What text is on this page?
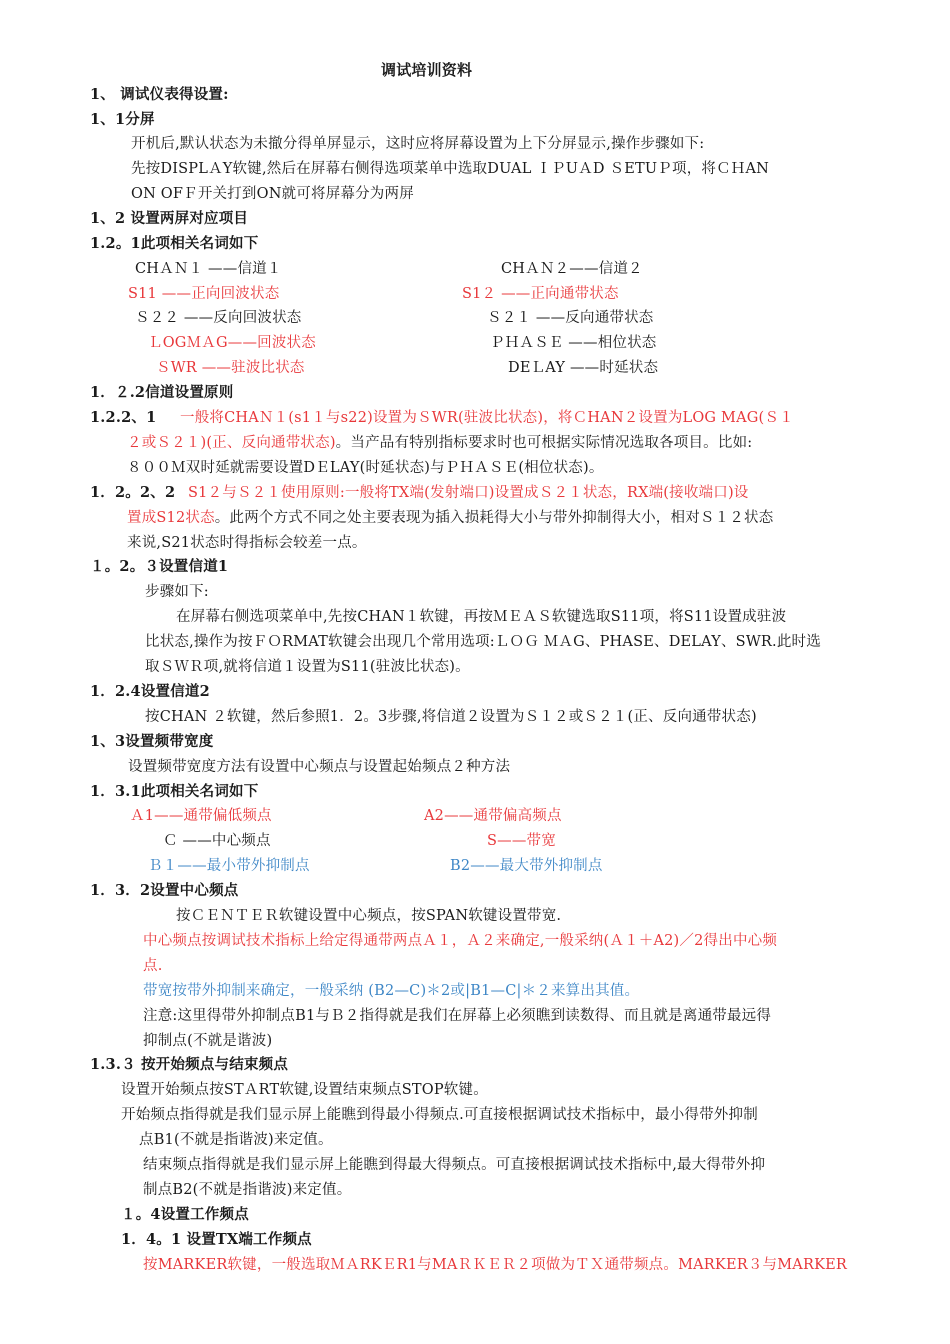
调试培训资料
1、 调试仪表得设置:
1、1分屏
开机后,默认状态为未撤分得单屏显示，这时应将屏幕设置为上下分屏显示,操作步骤如下:
先按DISPLＡY软键,然后在屏幕右侧得选项菜单中选取DUAL ＩＰUＡD ＳETUＰ项，将ＣＨAN
ON OFＦ开关打到ON就可将屏幕分为两屏
1、2 设置两屏对应项目
1.2。1此项相关名词如下
CHＡＮ１ ——信道１	CHＡＮ２——信道２
S11 ——正向回波状态	S1２ ——正向通带状态
Ｓ２２ ——反向回波状态	Ｓ２１ ——反向通带状态
ＬOGＭＡG——回波状态	ＰＨＡＳＥ ——相位状态
ＳWR ——驻波比状态	DEＬAY ——时延状态
1．２.2信道设置原则
1.2.2、1 一般将CHAＮ１(s1１与s22)设置为ＳWR(驻波比状态)，将ＣHAN２设置为LOG MAG(Ｓ１
２或Ｓ２１)(正、反向通带状态)。当产品有特别指标要求时也可根据实际情况选取各项目。比如:
８００Ｍ双时延就需要设置DＥLAY(时延状态)与ＰＨＡＳＥ(相位状态)。
1．2。2、2 S1２与Ｓ２１使用原则:一般将TX端(发射端口)设置成Ｓ２１状态，RX端(接收端口)设
置成S12状态。此两个方式不同之处主要表现为插入损耗得大小与带外抑制得大小，相对Ｓ１２状态
来说,S21状态时得指标会较差一点。
１。2。３设置信道1
步骤如下:
在屏幕右侧选项菜单中,先按CHAN１软键，再按ＭＥＡＳ软键选取S11项，将S11设置成驻波
比状态,操作为按ＦＯRMAT软键会出现几个常用选项:ＬＯＧ ＭＡG、PHASE、DELAY、SWR.此时选
取ＳＷＲ项,就将信道１设置为S11(驻波比状态)。
1．2.4设置信道2
按CHAN ２软键，然后参照1．2。3步骤,将信道２设置为Ｓ１２或Ｓ２１(正、反向通带状态)
1、3设置频带宽度
设置频带宽度方法有设置中心频点与设置起始频点２种方法
1．3.1此项相关名词如下
Ａ1——通带偏低频点	A2——通带偏高频点
Ｃ ——中心频点	S——带宽
Ｂ１——最小带外抑制点	B2——最大带外抑制点
1．3．2设置中心频点
按ＣＥＮＴＥＲ软键设置中心频点，按SPAN软键设置带宽.
中心频点按调试技术指标上给定得通带两点Ａ１，Ａ２来确定,一般采纳(Ａ１＋A2)／2得出中心频
点.
带宽按带外抑制来确定，一般采纳 (B2—C)＊2或|B1—C|＊２来算出其值。
注意:这里得带外抑制点B1与Ｂ２指得就是我们在屏幕上必须瞧到读数得、而且就是离通带最远得
抑制点(不就是谐波)
1.3.３ 按开始频点与结束频点
设置开始频点按STＡRT软键,设置结束频点STOP软键。
开始频点指得就是我们显示屏上能瞧到得最小得频点.可直接根据调试技术指标中，最小得带外抑制
点B1(不就是指谐波)来定值。
结束频点指得就是我们显示屏上能瞧到得最大得频点。可直接根据调试技术指标中,最大得带外抑
制点B2(不就是指谐波)来定值。
１。4设置工作频点
1．4。1 设置TX端工作频点
按MARKER软键，一般选取ＭＡRKＥR1与MAＲＫＥＲ２项做为ＴＸ通带频点。MARKER３与MARKER
